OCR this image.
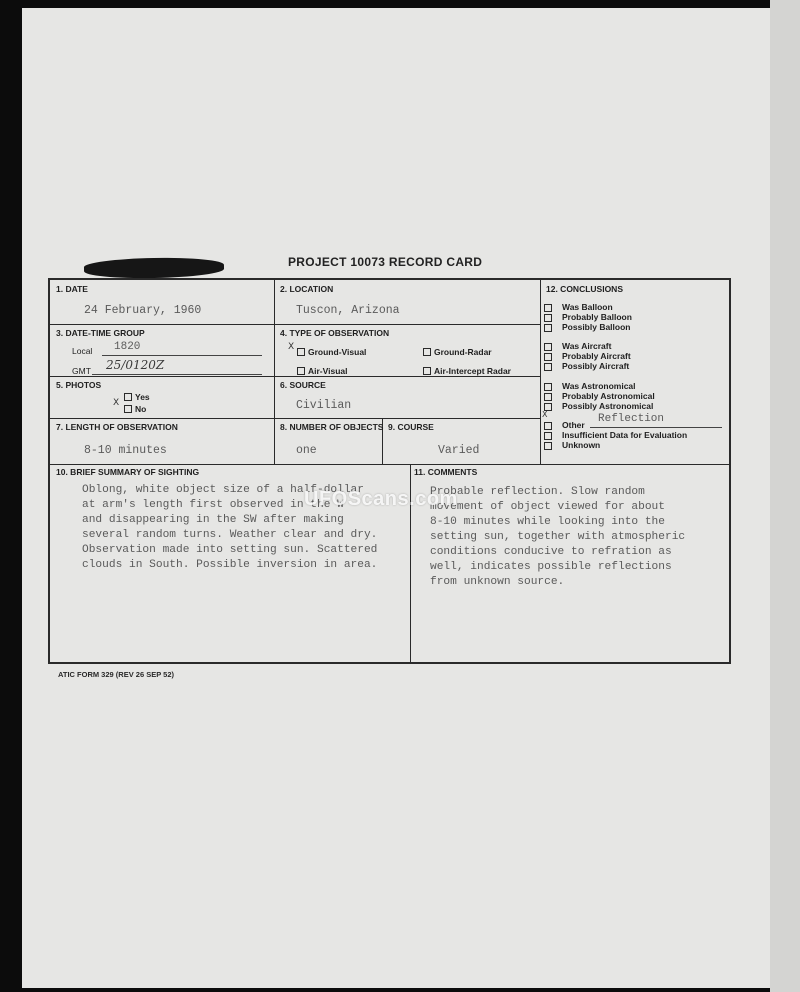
PROJECT 10073 RECORD CARD
1. DATE
24 February, 1960
2. LOCATION
Tuscon, Arizona
3. DATE-TIME GROUP
Local 1820
GMT 25/0120Z
4. TYPE OF OBSERVATION
X Ground-Visual	Ground-Radar
Air-Visual	Air-Intercept Radar
5. PHOTOS
Yes
X
No
6. SOURCE
Civilian
7. LENGTH OF OBSERVATION
8-10 minutes
8. NUMBER OF OBJECTS
one
9. COURSE
Varied
10. BRIEF SUMMARY OF SIGHTING
Oblong, white object size of a half-dollar
at arm's length first observed in the W
and disappearing in the SW after making
several random turns. Weather clear and dry.
Observation made into setting sun. Scattered
clouds in South. Possible inversion in area.
11. COMMENTS
Probable reflection. Slow random
movement of object viewed for about
8-10 minutes while looking into the
setting sun, together with atmospheric
conditions conducive to refration as
well, indicates possible reflections
from unknown source.
12. CONCLUSIONS
Was Balloon
Probably Balloon
Possibly Balloon
Was Aircraft
Probably Aircraft
Possibly Aircraft
Was Astronomical
Probably Astronomical
Possibly Astronomical
X
Other Reflection
Insufficient Data for Evaluation
Unknown
UFOScans.com
ATIC FORM 329 (REV 26 SEP 52)
